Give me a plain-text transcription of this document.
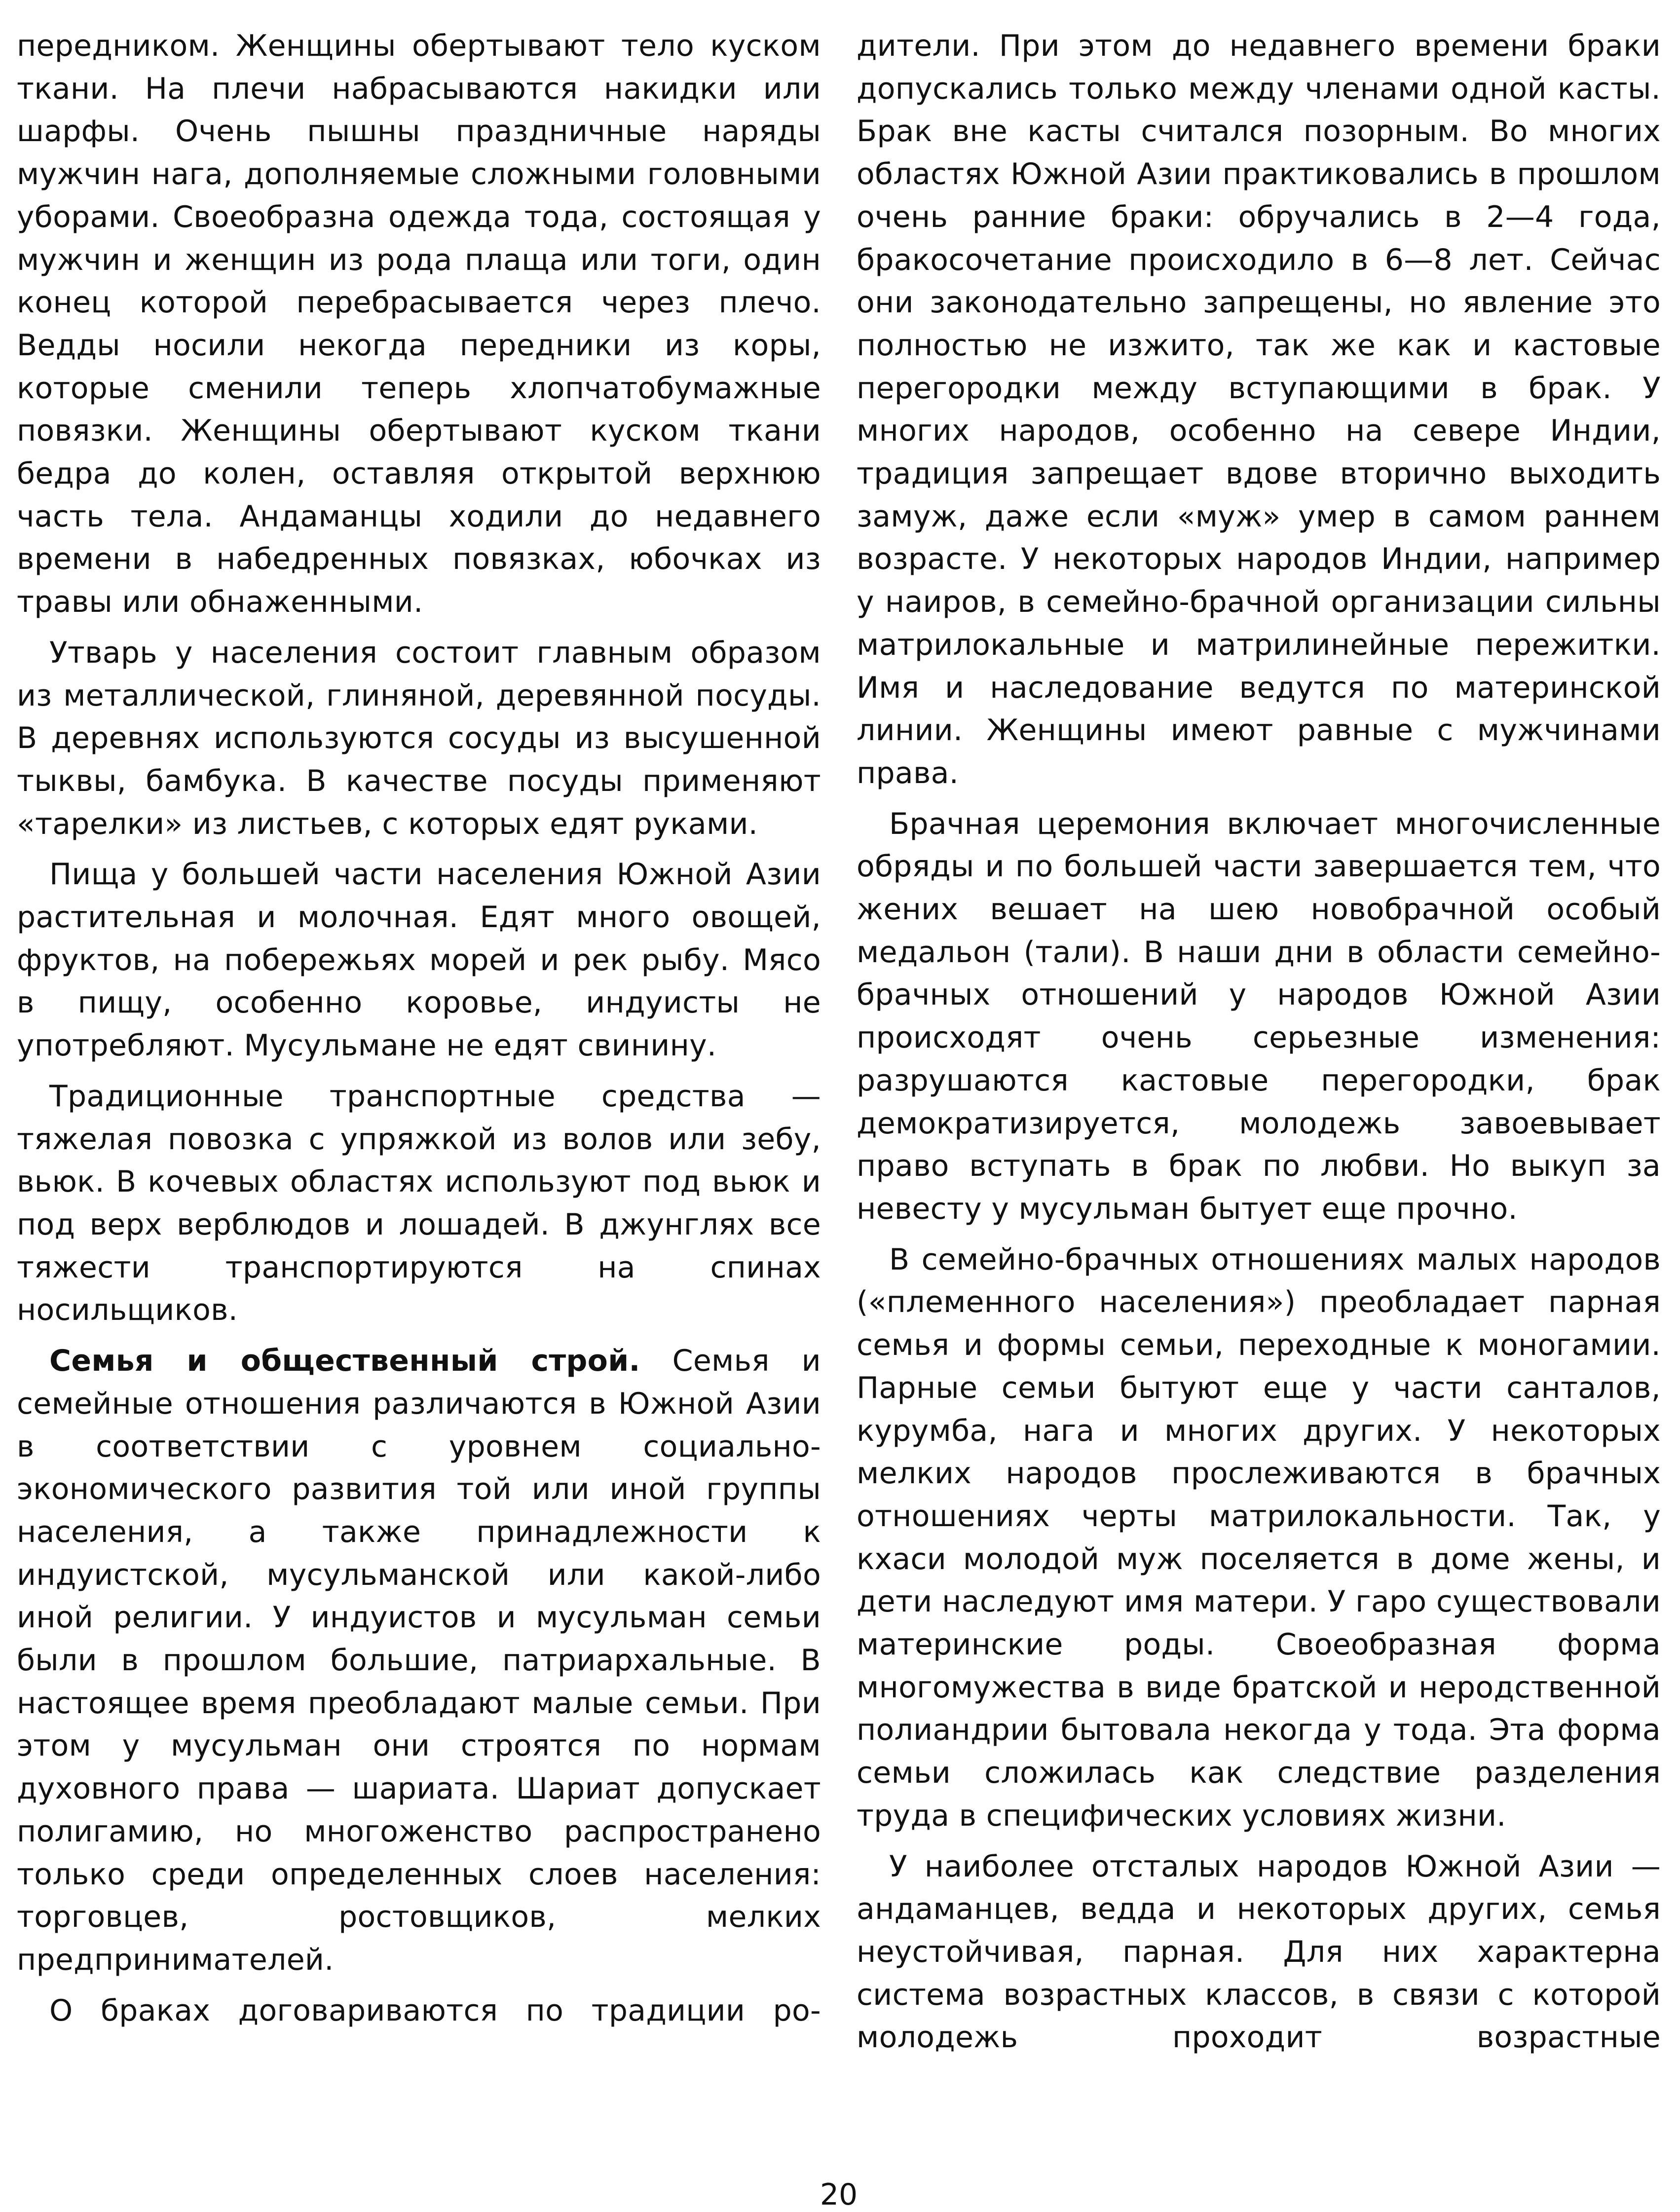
передником. Женщины обертывают тело куском ткани. На плечи набрасываются накидки или шарфы. Очень пышны праздничные наряды мужчин нага, дополняемые сложными головными уборами. Своеобразна одежда тода, состоящая у мужчин и женщин из рода плаща или тоги, один конец которой перебрасывается через плечо. Ведды носили некогда передники из коры, которые сменили теперь хлопчатобумажные повязки. Женщины обертывают куском ткани бедра до колен, оставляя открытой верхнюю часть тела. Андаманцы ходили до недавнего времени в набедренных повязках, юбочках из травы или обнаженными.

Утварь у населения состоит главным образом из металлической, глиняной, деревянной посуды. В деревнях используются сосуды из высушенной тыквы, бамбука. В качестве посуды применяют «тарелки» из листьев, с которых едят руками.

Пища у большей части населения Южной Азии растительная и молочная. Едят много овощей, фруктов, на побережьях морей и рек рыбу. Мясо в пищу, особенно коровье, индуисты не употребляют. Мусульмане не едят свинину.

Традиционные транспортные средства — тяжелая повозка с упряжкой из волов или зебу, вьюк. В кочевых областях используют под вьюк и под верх верблюдов и лошадей. В джунглях все тяжести транспортируются на спинах носильщиков.

Семья и общественный строй. Семья и семейные отношения различаются в Южной Азии в соответствии с уровнем социально-экономического развития той или иной группы населения, а также принадлежности к индуистской, мусульманской или какой-либо иной религии. У индуистов и мусульман семьи были в прошлом большие, патриархальные. В настоящее время преобладают малые семьи. При этом у мусульман они строятся по нормам духовного права — шариата. Шариат допускает полигамию, но многоженство распространено только среди определенных слоев населения: торговцев, ростовщиков, мелких предпринимателей.

О браках договариваются по традиции ро-

дители. При этом до недавнего времени браки допускались только между членами одной касты. Брак вне касты считался позорным. Во многих областях Южной Азии практиковались в прошлом очень ранние браки: обручались в 2—4 года, бракосочетание происходило в 6—8 лет. Сейчас они законодательно запрещены, но явление это полностью не изжито, так же как и кастовые перегородки между вступающими в брак. У многих народов, особенно на севере Индии, традиция запрещает вдове вторично выходить замуж, даже если «муж» умер в самом раннем возрасте. У некоторых народов Индии, например у наиров, в семейно-брачной организации сильны матрилокальные и матрилинейные пережитки. Имя и наследование ведутся по материнской линии. Женщины имеют равные с мужчинами права.

Брачная церемония включает многочисленные обряды и по большей части завершается тем, что жених вешает на шею новобрачной особый медальон (тали). В наши дни в области семейно-брачных отношений у народов Южной Азии происходят очень серьезные изменения: разрушаются кастовые перегородки, брак демократизируется, молодежь завоевывает право вступать в брак по любви. Но выкуп за невесту у мусульман бытует еще прочно.

В семейно-брачных отношениях малых народов («племенного населения») преобладает парная семья и формы семьи, переходные к моногамии. Парные семьи бытуют еще у части санталов, курумба, нага и многих других. У некоторых мелких народов прослеживаются в брачных отношениях черты матрилокальности. Так, у кхаси молодой муж поселяется в доме жены, и дети наследуют имя матери. У гаро существовали материнские роды. Своеобразная форма многомужества в виде братской и неродственной полиандрии бытовала некогда у тода. Эта форма семьи сложилась как следствие разделения труда в специфических условиях жизни.

У наиболее отсталых народов Южной Азии — андаманцев, ведда и некоторых других, семья неустойчивая, парная. Для них характерна система возрастных классов, в связи с которой молодежь проходит возрастные

20
